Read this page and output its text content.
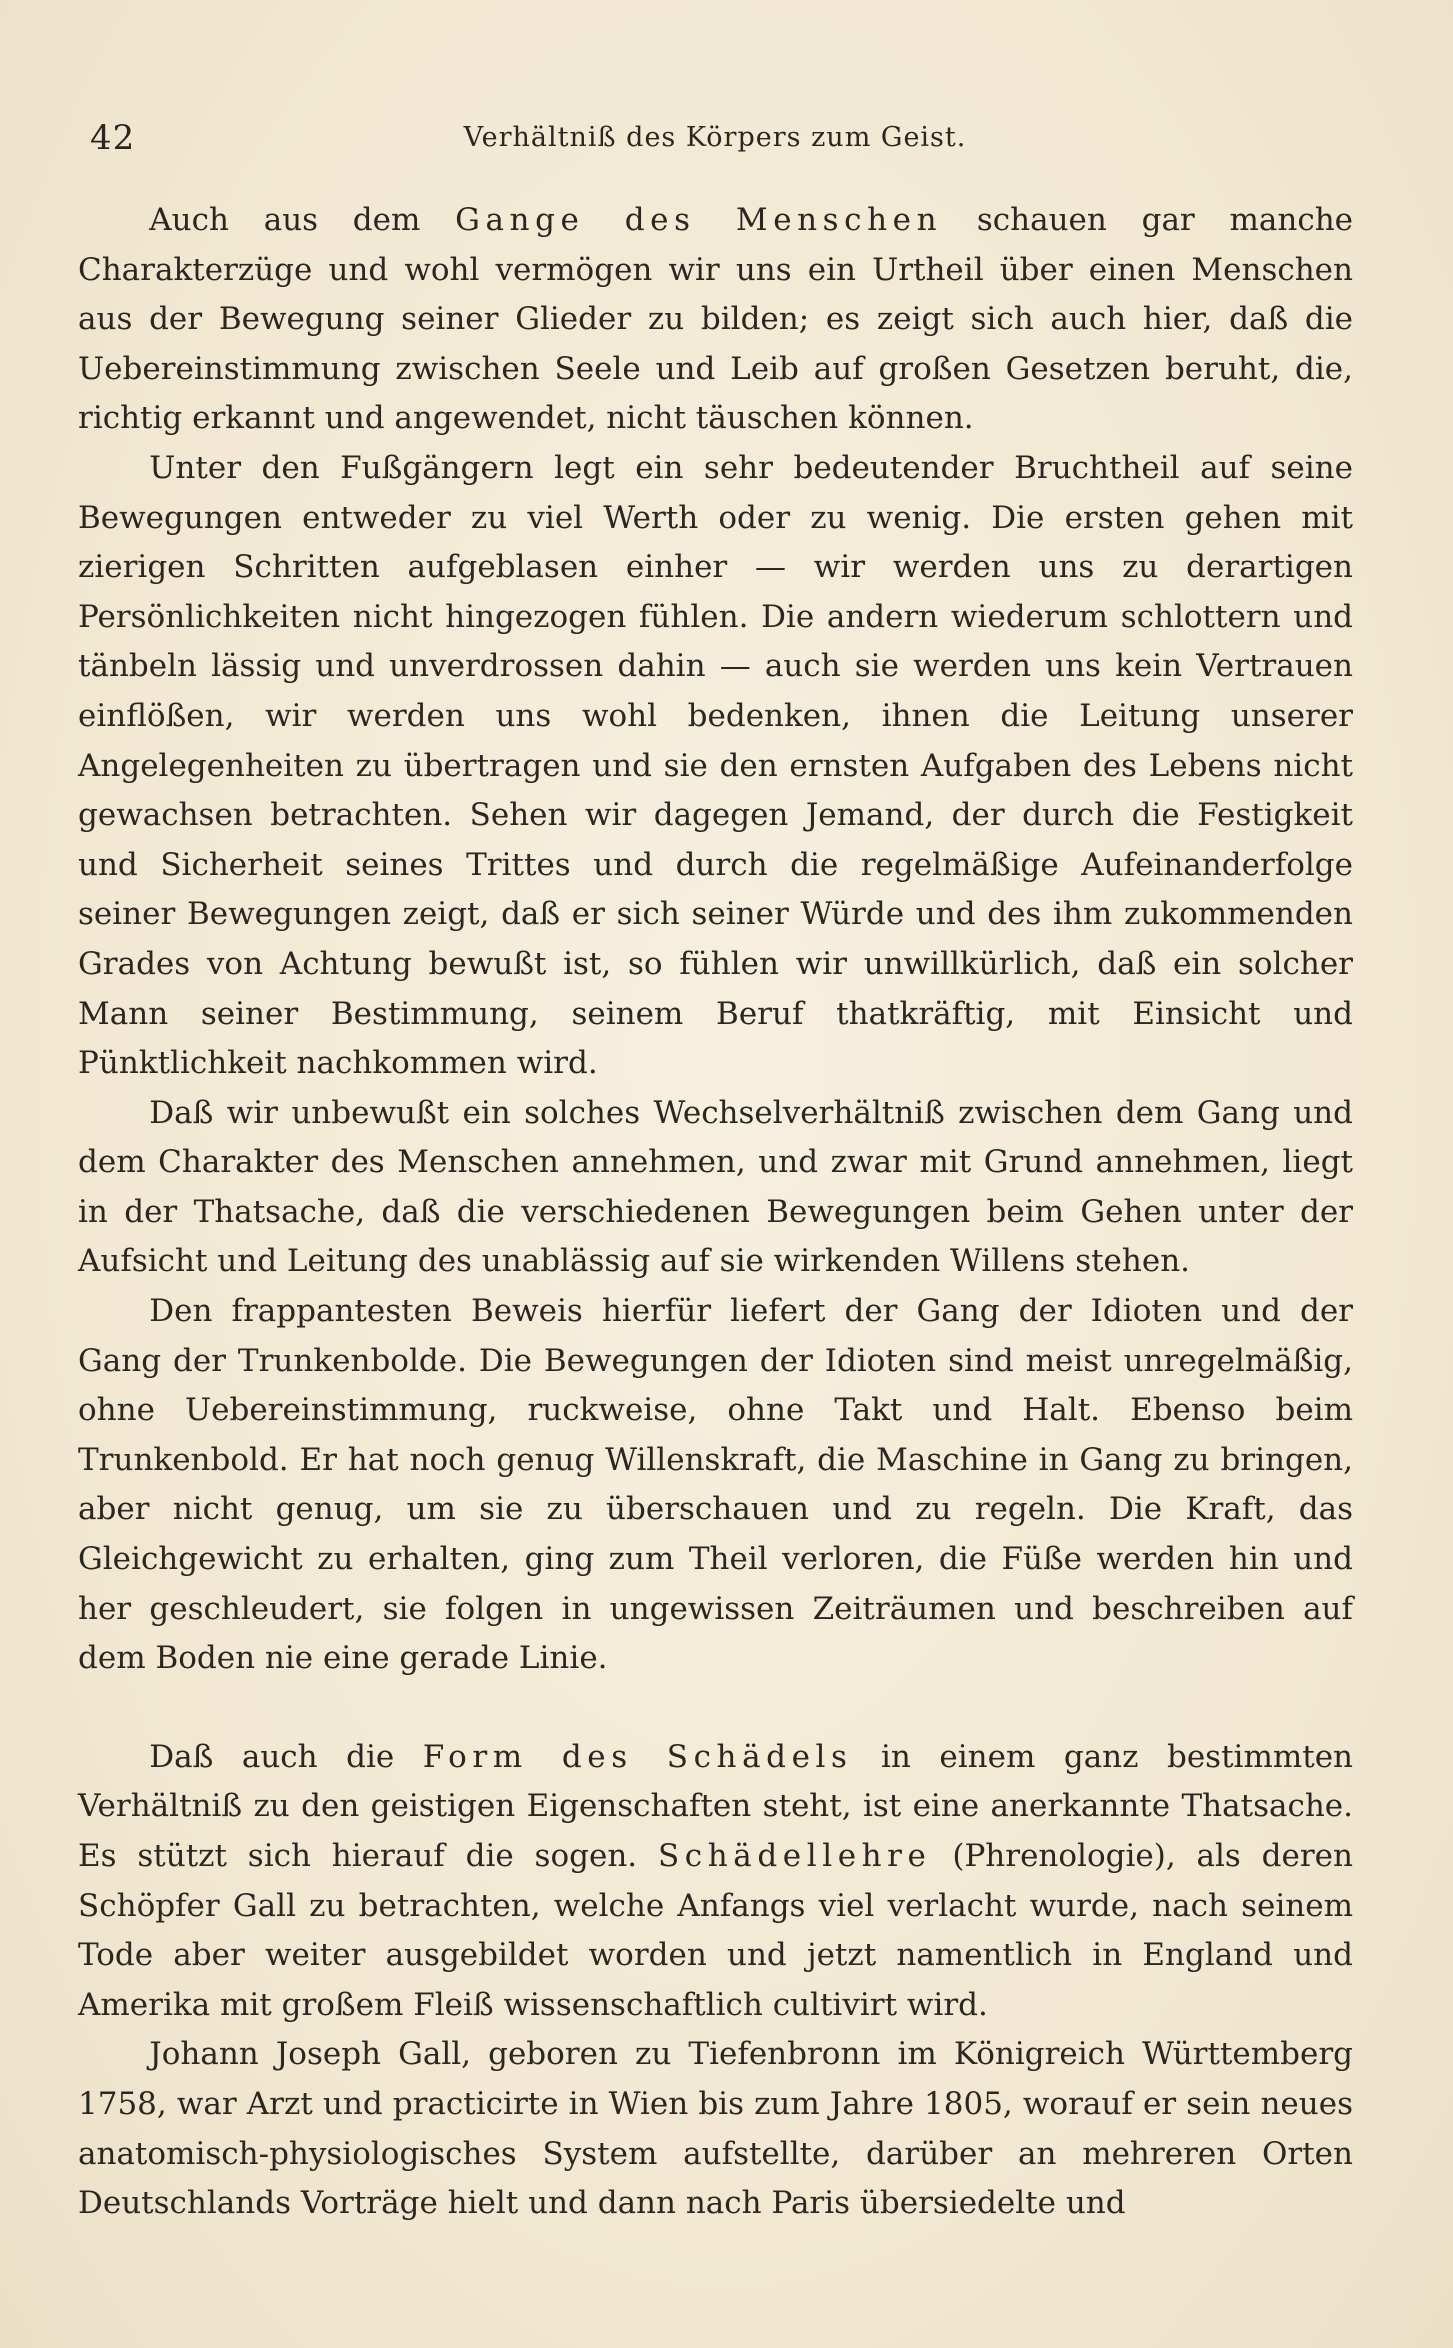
42	Verhältniß des Körpers zum Geist.

Auch aus dem Gange des Menschen schauen gar manche Charakterzüge und wohl vermögen wir uns ein Urtheil über einen Menschen aus der Bewegung seiner Glieder zu bilden; es zeigt sich auch hier, daß die Uebereinstimmung zwischen Seele und Leib auf großen Gesetzen beruht, die, richtig erkannt und angewendet, nicht täuschen können.

Unter den Fußgängern legt ein sehr bedeutender Bruchtheil auf seine Bewegungen entweder zu viel Werth oder zu wenig. Die ersten gehen mit zierigen Schritten aufgeblasen einher — wir werden uns zu derartigen Persönlichkeiten nicht hingezogen fühlen. Die andern wiederum schlottern und tänbeln lässig und unverdrossen dahin — auch sie werden uns kein Vertrauen einflößen, wir werden uns wohl bedenken, ihnen die Leitung unserer Angelegenheiten zu übertragen und sie den ernsten Aufgaben des Lebens nicht gewachsen betrachten. Sehen wir dagegen Jemand, der durch die Festigkeit und Sicherheit seines Trittes und durch die regelmäßige Aufeinanderfolge seiner Bewegungen zeigt, daß er sich seiner Würde und des ihm zukommenden Grades von Achtung bewußt ist, so fühlen wir unwillkürlich, daß ein solcher Mann seiner Bestimmung, seinem Beruf thatkräftig, mit Einsicht und Pünktlichkeit nachkommen wird.

Daß wir unbewußt ein solches Wechselverhältniß zwischen dem Gang und dem Charakter des Menschen annehmen, und zwar mit Grund annehmen, liegt in der Thatsache, daß die verschiedenen Bewegungen beim Gehen unter der Aufsicht und Leitung des unablässig auf sie wirkenden Willens stehen.

Den frappantesten Beweis hierfür liefert der Gang der Idioten und der Gang der Trunkenbolde. Die Bewegungen der Idioten sind meist unregelmäßig, ohne Uebereinstimmung, ruckweise, ohne Takt und Halt. Ebenso beim Trunkenbold. Er hat noch genug Willenskraft, die Maschine in Gang zu bringen, aber nicht genug, um sie zu überschauen und zu regeln. Die Kraft, das Gleichgewicht zu erhalten, ging zum Theil verloren, die Füße werden hin und her geschleudert, sie folgen in ungewissen Zeiträumen und beschreiben auf dem Boden nie eine gerade Linie.

Daß auch die Form des Schädels in einem ganz bestimmten Verhältniß zu den geistigen Eigenschaften steht, ist eine anerkannte Thatsache. Es stützt sich hierauf die sogen. Schädellehre (Phrenologie), als deren Schöpfer Gall zu betrachten, welche Anfangs viel verlacht wurde, nach seinem Tode aber weiter ausgebildet worden und jetzt namentlich in England und Amerika mit großem Fleiß wissenschaftlich cultivirt wird.

Johann Joseph Gall, geboren zu Tiefenbronn im Königreich Württemberg 1758, war Arzt und practicirte in Wien bis zum Jahre 1805, worauf er sein neues anatomisch-physiologisches System aufstellte, darüber an mehreren Orten Deutschlands Vorträge hielt und dann nach Paris übersiedelte und
